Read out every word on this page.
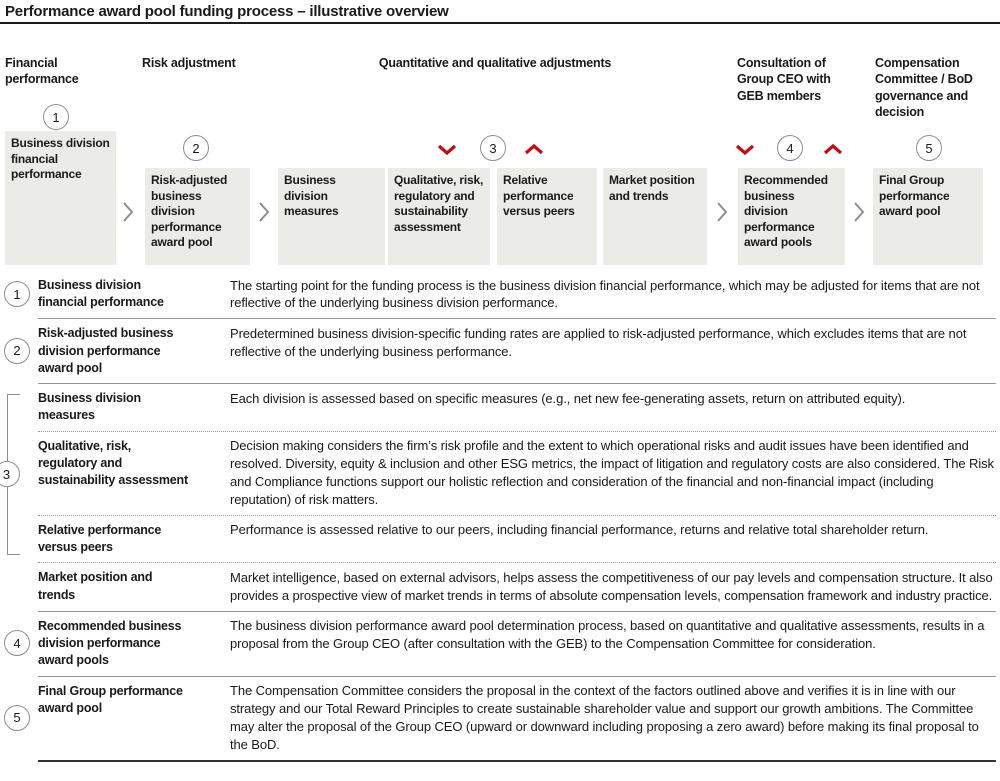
Performance award pool funding process – illustrative overview
Financial performance
Risk adjustment	Quantitative and qualitative adjustments	Consultation of Group CEO with GEB members
Compensation Committee / BoD governance and decision
1
2	3	4	5
Business division financial performance	Risk-adjusted business division performance award pool
Business division measures
Qualitative, risk, regulatory and sustainability assessment
Relative performance versus peers
Market position and trends
Recommended business division performance award pools
Final Group performance award pool
1
Business division financial performance
The starting point for the funding process is the business division financial performance, which may be adjusted for items that are not reflective of the underlying business division performance.
2
Risk-adjusted business division performance award pool
Predetermined business division-specific funding rates are applied to risk-adjusted performance, which excludes items that are not reflective of the underlying business performance.
3
Business division measures
Each division is assessed based on specific measures (e.g., net new fee-generating assets, return on attributed equity).
Qualitative, risk, regulatory and sustainability assessment
Decision making considers the firm’s risk profile and the extent to which operational risks and audit issues have been identified and resolved. Diversity, equity & inclusion and other ESG metrics, the impact of litigation and regulatory costs are also considered. The Risk and Compliance functions support our holistic reflection and consideration of the financial and non-financial impact (including reputation) of risk matters.
Relative performance versus peers
Performance is assessed relative to our peers, including financial performance, returns and relative total shareholder return.
Market position and trends
Market intelligence, based on external advisors, helps assess the competitiveness of our pay levels and compensation structure. It also provides a prospective view of market trends in terms of absolute compensation levels, compensation framework and industry practice.
4
Recommended business division performance award pools
The business division performance award pool determination process, based on quantitative and qualitative assessments, results in a proposal from the Group CEO (after consultation with the GEB) to the Compensation Committee for consideration.
5
Final Group performance award pool
The Compensation Committee considers the proposal in the context of the factors outlined above and verifies it is in line with our strategy and our Total Reward Principles to create sustainable shareholder value and support our growth ambitions. The Committee may alter the proposal of the Group CEO (upward or downward including proposing a zero award) before making its final proposal to the BoD.
